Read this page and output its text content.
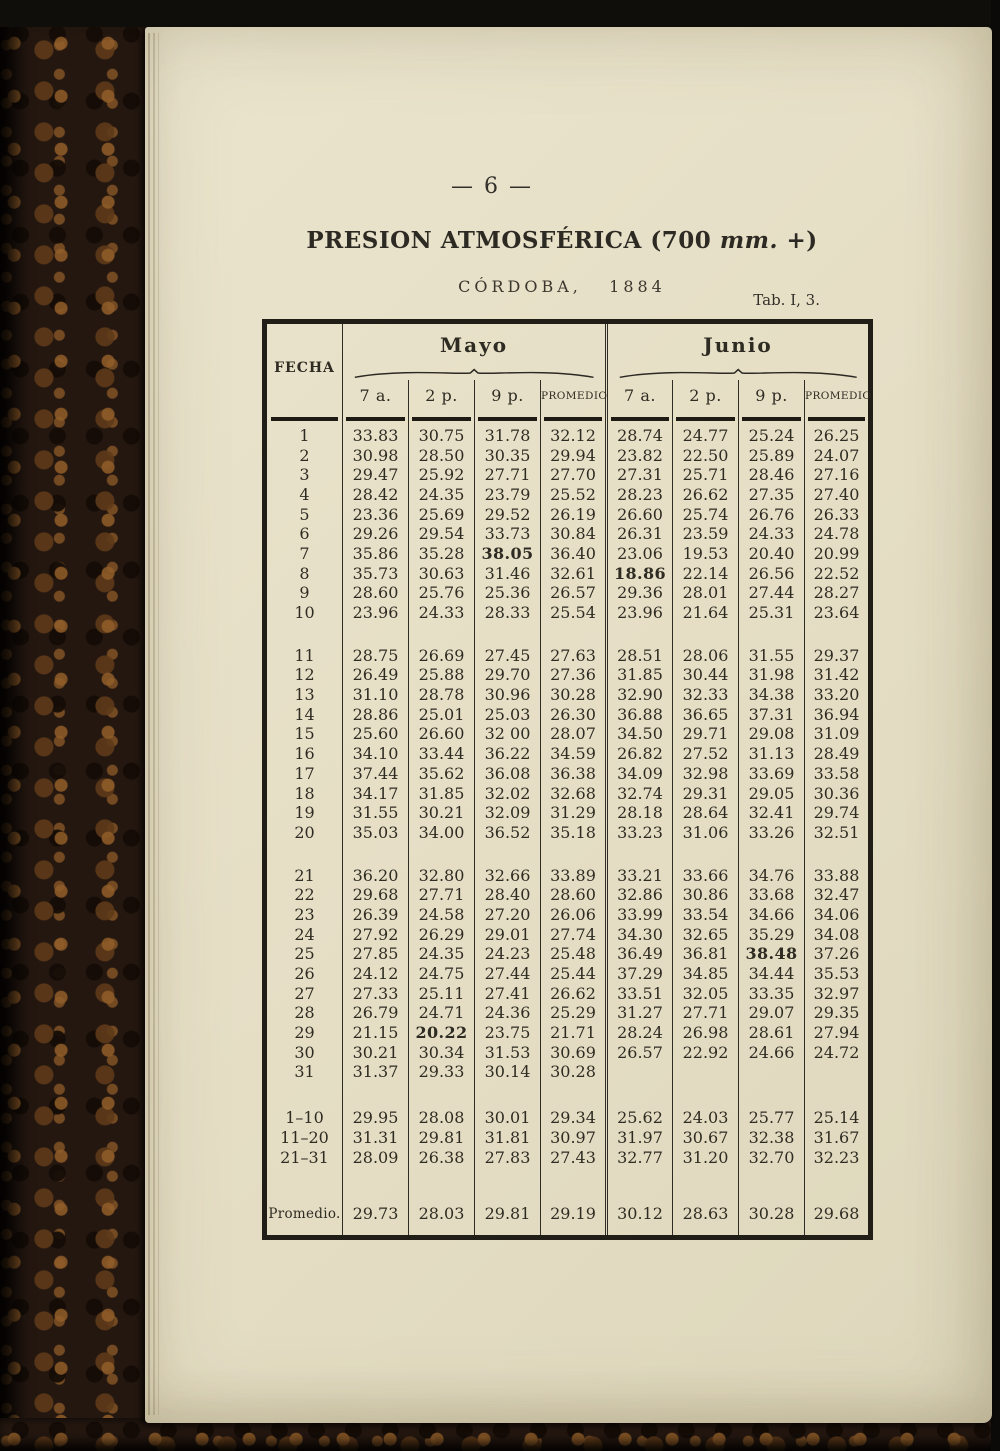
— 6 —
PRESION ATMOSFÉRICA (700 mm. +)
CÓRDOBA,   1884
Tab. I, 3.
FECHA	Mayo				Junio			

	7 a.	2 p.	9 p.	PROMEDIO	7 a.	2 p.	9 p.	PROMEDIO

1	33.83	30.75	31.78	32.12	28.74	24.77	25.24	26.25
2	30.98	28.50	30.35	29.94	23.82	22.50	25.89	24.07
3	29.47	25.92	27.71	27.70	27.31	25.71	28.46	27.16
4	28.42	24.35	23.79	25.52	28.23	26.62	27.35	27.40
5	23.36	25.69	29.52	26.19	26.60	25.74	26.76	26.33
6	29.26	29.54	33.73	30.84	26.31	23.59	24.33	24.78
7	35.86	35.28	38.05	36.40	23.06	19.53	20.40	20.99
8	35.73	30.63	31.46	32.61	18.86	22.14	26.56	22.52
9	28.60	25.76	25.36	26.57	29.36	28.01	27.44	28.27
10	23.96	24.33	28.33	25.54	23.96	21.64	25.31	23.64

11	28.75	26.69	27.45	27.63	28.51	28.06	31.55	29.37
12	26.49	25.88	29.70	27.36	31.85	30.44	31.98	31.42
13	31.10	28.78	30.96	30.28	32.90	32.33	34.38	33.20
14	28.86	25.01	25.03	26.30	36.88	36.65	37.31	36.94
15	25.60	26.60	32 00	28.07	34.50	29.71	29.08	31.09
16	34.10	33.44	36.22	34.59	26.82	27.52	31.13	28.49
17	37.44	35.62	36.08	36.38	34.09	32.98	33.69	33.58
18	34.17	31.85	32.02	32.68	32.74	29.31	29.05	30.36
19	31.55	30.21	32.09	31.29	28.18	28.64	32.41	29.74
20	35.03	34.00	36.52	35.18	33.23	31.06	33.26	32.51

21	36.20	32.80	32.66	33.89	33.21	33.66	34.76	33.88
22	29.68	27.71	28.40	28.60	32.86	30.86	33.68	32.47
23	26.39	24.58	27.20	26.06	33.99	33.54	34.66	34.06
24	27.92	26.29	29.01	27.74	34.30	32.65	35.29	34.08
25	27.85	24.35	24.23	25.48	36.49	36.81	38.48	37.26
26	24.12	24.75	27.44	25.44	37.29	34.85	34.44	35.53
27	27.33	25.11	27.41	26.62	33.51	32.05	33.35	32.97
28	26.79	24.71	24.36	25.29	31.27	27.71	29.07	29.35
29	21.15	20.22	23.75	21.71	28.24	26.98	28.61	27.94
30	30.21	30.34	31.53	30.69	26.57	22.92	24.66	24.72
31	31.37	29.33	30.14	30.28				

1–10	29.95	28.08	30.01	29.34	25.62	24.03	25.77	25.14
11–20	31.31	29.81	31.81	30.97	31.97	30.67	32.38	31.67
21–31	28.09	26.38	27.83	27.43	32.77	31.20	32.70	32.23

Promedio.	29.73	28.03	29.81	29.19	30.12	28.63	30.28	29.68
